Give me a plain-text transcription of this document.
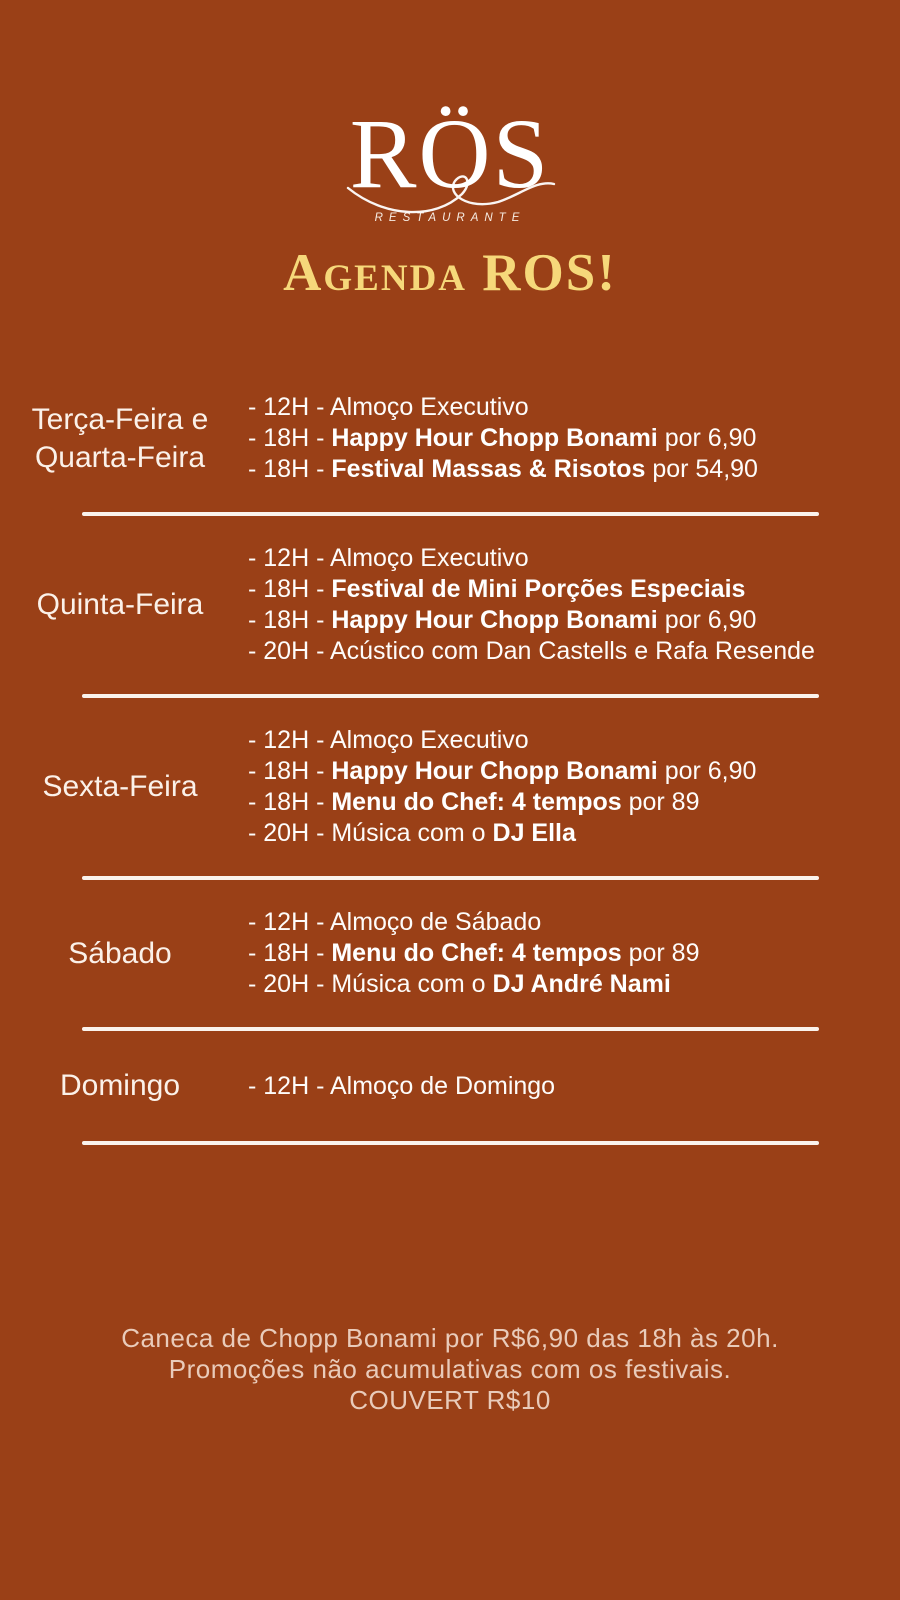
RÖS
RESTAURANTE
Agenda ROS!
Terça-Feira e
Quarta-Feira
- 12H - Almoço Executivo
- 18H - Happy Hour Chopp Bonami por 6,90
- 18H - Festival Massas & Risotos por 54,90
Quinta-Feira
- 12H - Almoço Executivo
- 18H - Festival de Mini Porções Especiais
- 18H - Happy Hour Chopp Bonami por 6,90
- 20H - Acústico com Dan Castells e Rafa Resende
Sexta-Feira
- 12H - Almoço Executivo
- 18H - Happy Hour Chopp Bonami por 6,90
- 18H - Menu do Chef: 4 tempos por 89
- 20H - Música com o DJ Ella
Sábado
- 12H - Almoço de Sábado
- 18H - Menu do Chef: 4 tempos por 89
- 20H - Música com o DJ André Nami
Domingo	- 12H - Almoço de Domingo
Caneca de Chopp Bonami por R$6,90 das 18h às 20h.
Promoções não acumulativas com os festivais.
COUVERT R$10
